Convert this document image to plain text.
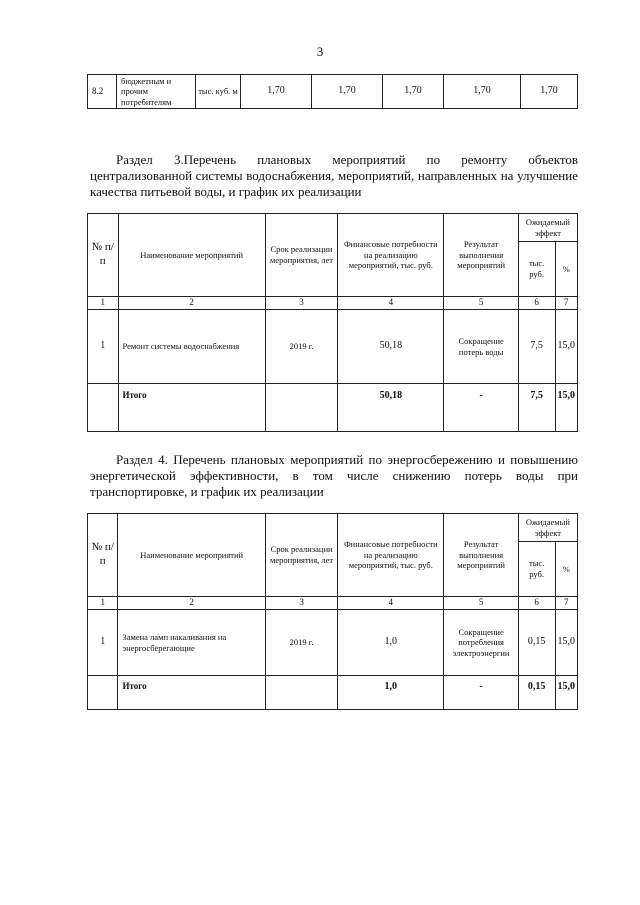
3
8.2	бюджетным и прочим потребителям	тыс. куб. м	1,70	1,70	1,70	1,70	1,70
Раздел 3.Перечень плановых мероприятий по ремонту объектов
централизованной системы водоснабжения, мероприятий, направленных на улучшение качества питьевой воды, и график их реализации
№ п/п	Наименование мероприятий	Срок реализации мероприятия, лет	Финансовые потребности на реализацию мероприятий, тыс. руб.	Результат выполнения мероприятий	Ожидаемый эффект	
					тыс. руб.	%
1	2	3	4	5	6	7
1	Ремонт системы водоснабжения	2019 г.	50,18	Сокращение потерь воды	7,5	15,0
	Итого		50,18	-	7,5	15,0
Раздел 4. Перечень плановых мероприятий по энергосбережению и повышению
энергетической эффективности, в том числе снижению потерь воды при транспортировке, и график их реализации
№ п/п	Наименование мероприятий	Срок реализации мероприятия, лет	Финансовые потребности на реализацию мероприятий, тыс. руб.	Результат выполнения мероприятий	Ожидаемый эффект	
					тыс. руб.	%
1	2	3	4	5	6	7
1	Замена ламп накаливания на энергосберегающие	2019 г.	1,0	Сокращение потребления электроэнергии	0,15	15,0
	Итого		1,0	-	0,15	15,0
